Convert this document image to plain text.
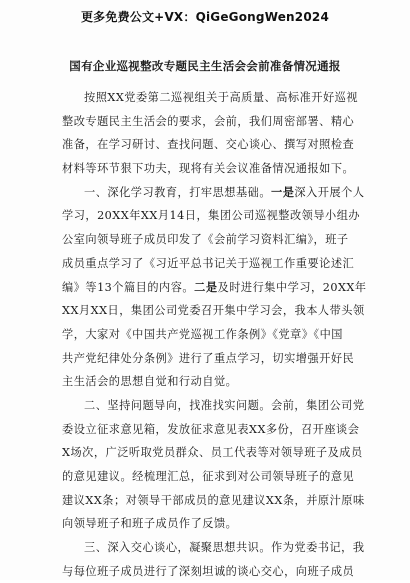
更多免费公文+VX：QiGeGongWen2024
国有企业巡视整改专题民主生活会会前准备情况通报
按照XX党委第二巡视组关于高质量、高标准开好巡视
整改专题民主生活会的要求，会前，我们周密部署、精心
准备，在学习研讨、查找问题、交心谈心、撰写对照检查
材料等环节狠下功夫，现将有关会议准备情况通报如下。
一、深化学习教育，打牢思想基础。一是深入开展个人
学习，20XX年XX月14日，集团公司巡视整改领导小组办
公室向领导班子成员印发了《会前学习资料汇编》，班子
成员重点学习了《习近平总书记关于巡视工作重要论述汇
编》等13个篇目的内容。二是及时进行集中学习，20XX年
XX月XX日，集团公司党委召开集中学习会，我本人带头领
学，大家对《中国共产党巡视工作条例》《党章》《中国
共产党纪律处分条例》进行了重点学习，切实增强开好民
主生活会的思想自觉和行动自觉。
二、坚持问题导向，找准找实问题。会前，集团公司党
委设立征求意见箱，发放征求意见表XX多份，召开座谈会
X场次，广泛听取党员群众、员工代表等对领导班子及成员
的意见建议。经梳理汇总，征求到对公司领导班子的意见
建议XX条；对领导干部成员的意见建议XX条，并原汁原味
向领导班子和班子成员作了反馈。
三、深入交心谈心，凝聚思想共识。作为党委书记，我
与每位班子成员进行了深刻坦诚的谈心交心，向班子成员
